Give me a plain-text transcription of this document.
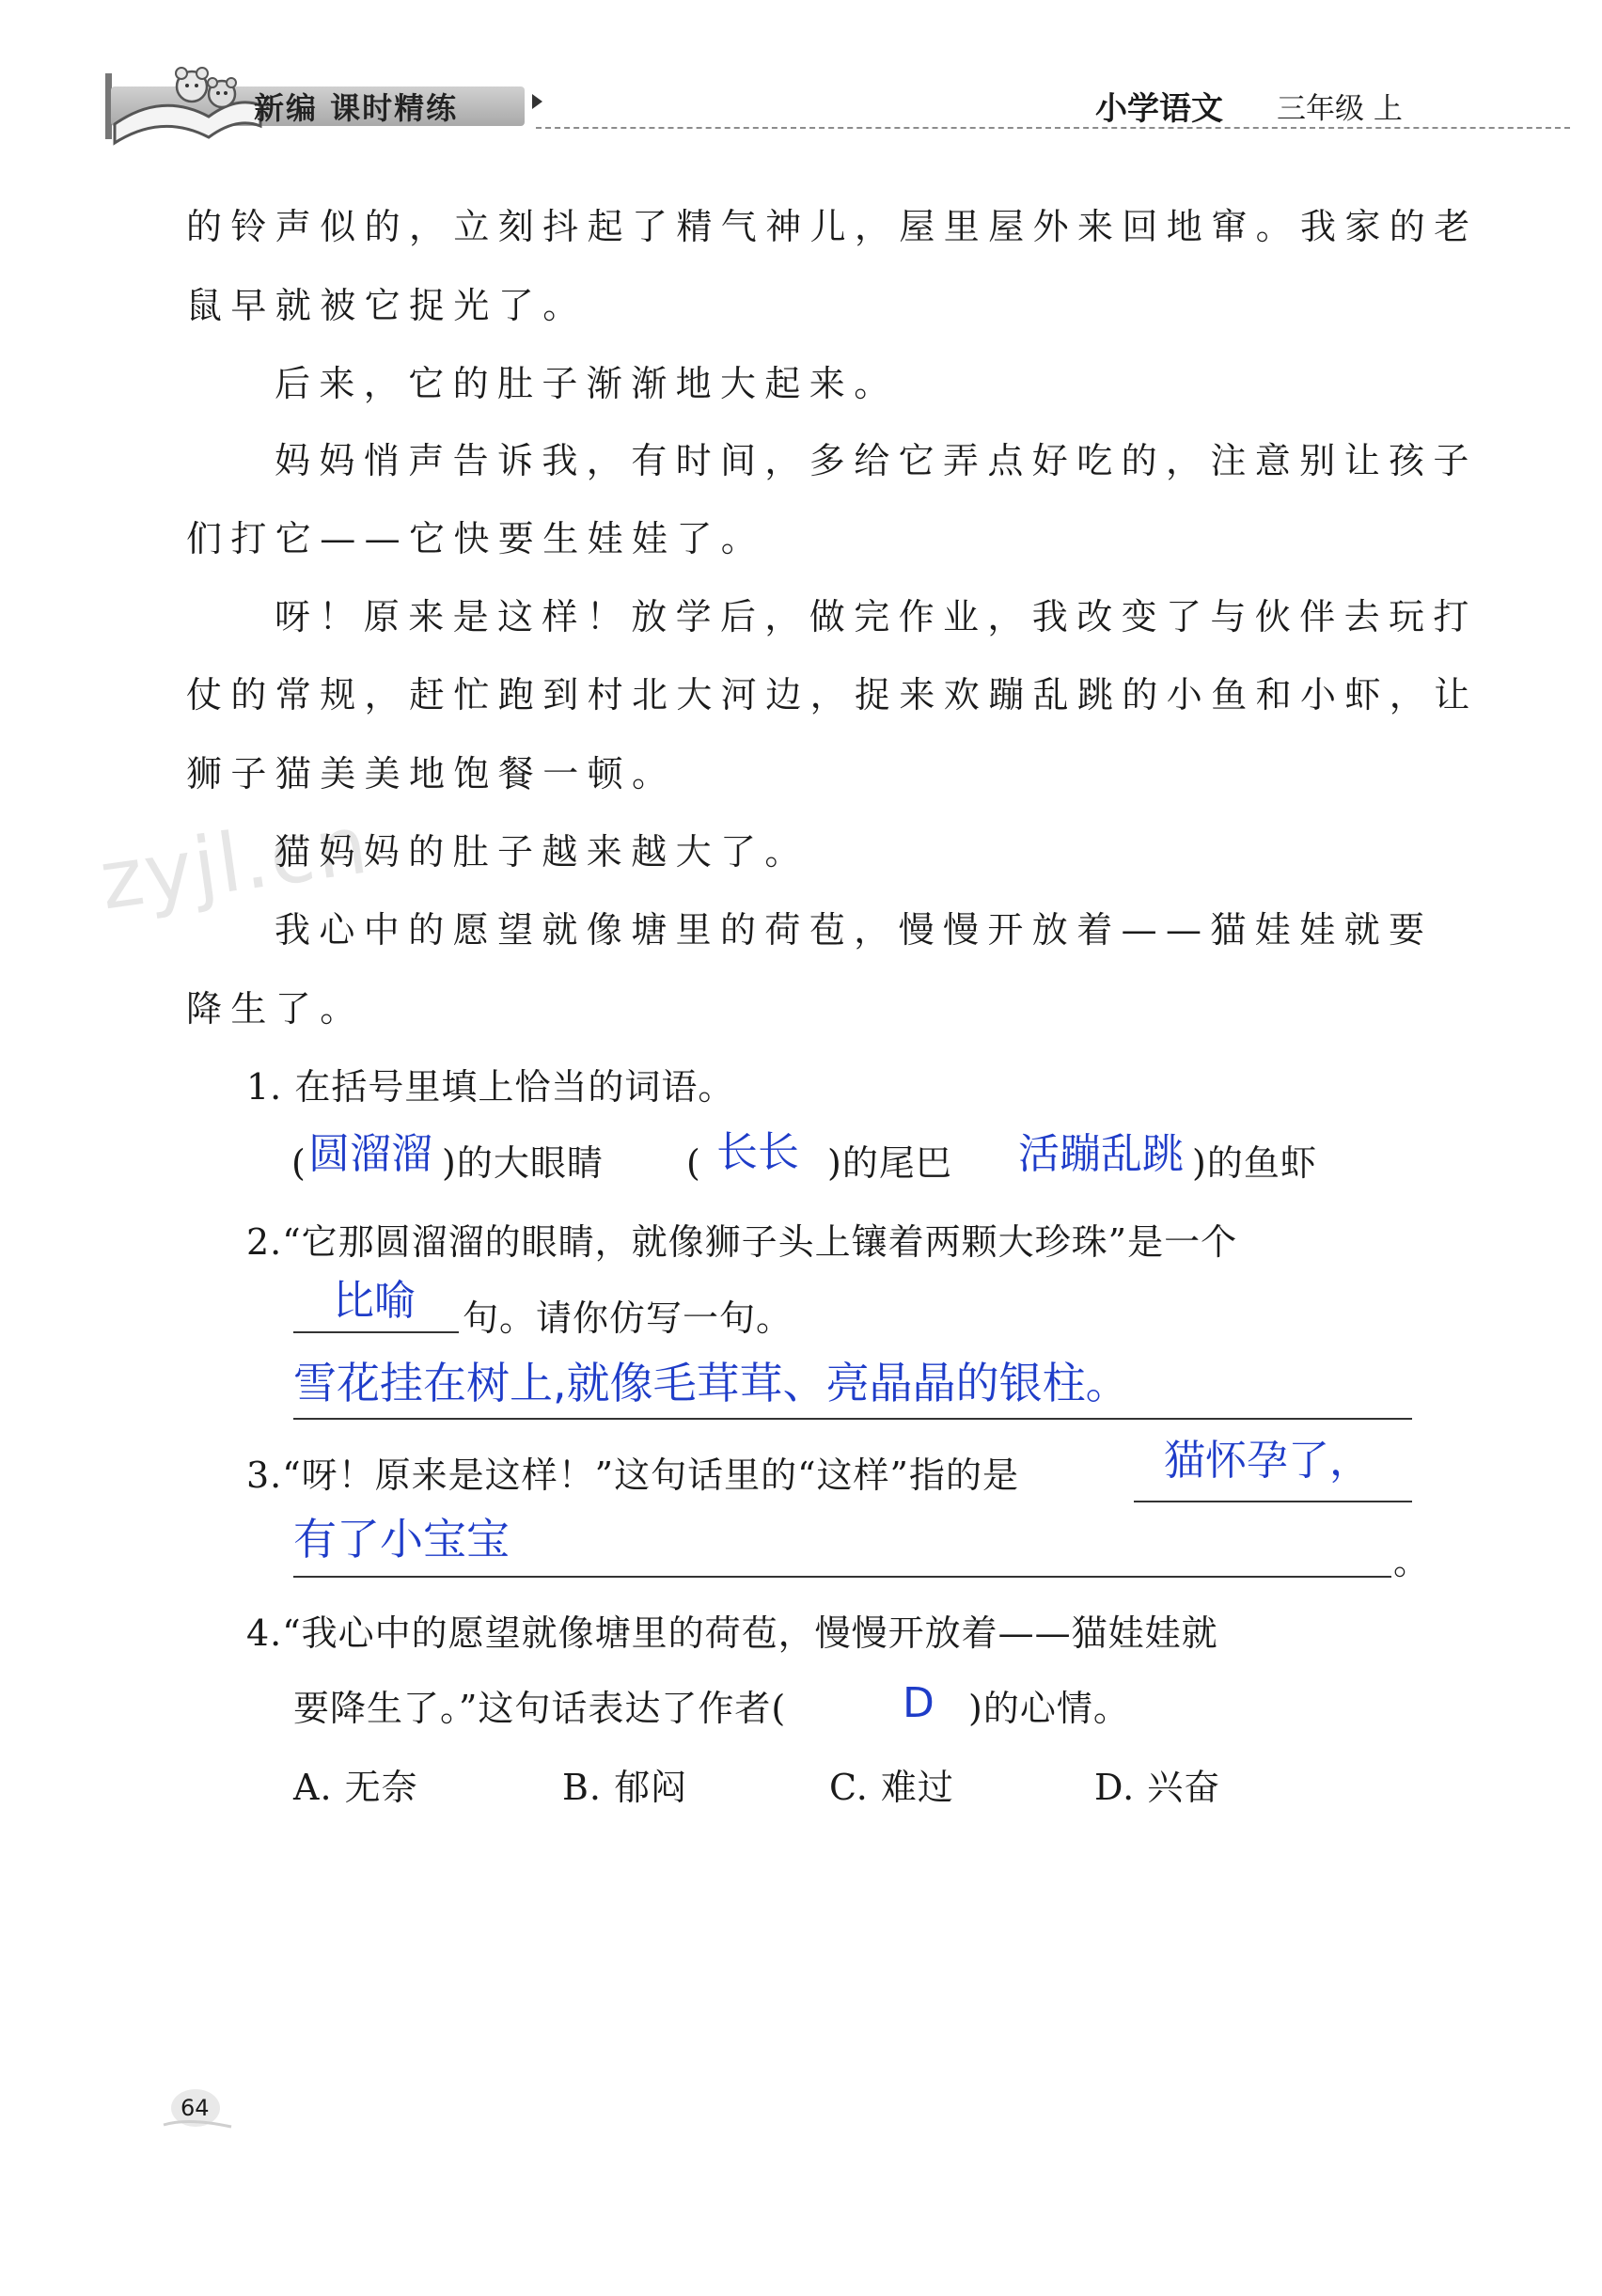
新编 课时精练	小学语文 三年级 上
zyjl.cn
的铃声似的，立刻抖起了精气神儿，屋里屋外来回地窜。我家的老
鼠早就被它捉光了。
后来，它的肚子渐渐地大起来。
妈妈悄声告诉我，有时间，多给它弄点好吃的，注意别让孩子
们打它——它快要生娃娃了。
呀！原来是这样！放学后，做完作业，我改变了与伙伴去玩打
仗的常规，赶忙跑到村北大河边，捉来欢蹦乱跳的小鱼和小虾，让
狮子猫美美地饱餐一顿。
猫妈妈的肚子越来越大了。
我心中的愿望就像塘里的荷苞，慢慢开放着——猫娃娃就要
降生了。
1. 在括号里填上恰当的词语。
( 圆溜溜 )的大眼睛 ( 长长 )的尾巴 活蹦乱跳 )的鱼虾
2.“它那圆溜溜的眼睛，就像狮子头上镶着两颗大珍珠”是一个
比喻 句。请你仿写一句。
雪花挂在树上,就像毛茸茸、亮晶晶的银柱。
3.“呀！原来是这样！”这句话里的“这样”指的是	猫怀孕了，
有了小宝宝	。
4.“我心中的愿望就像塘里的荷苞，慢慢开放着——猫娃娃就
要降生了。”这句话表达了作者(	D )的心情。
A. 无奈	B. 郁闷	C. 难过	D. 兴奋
64
